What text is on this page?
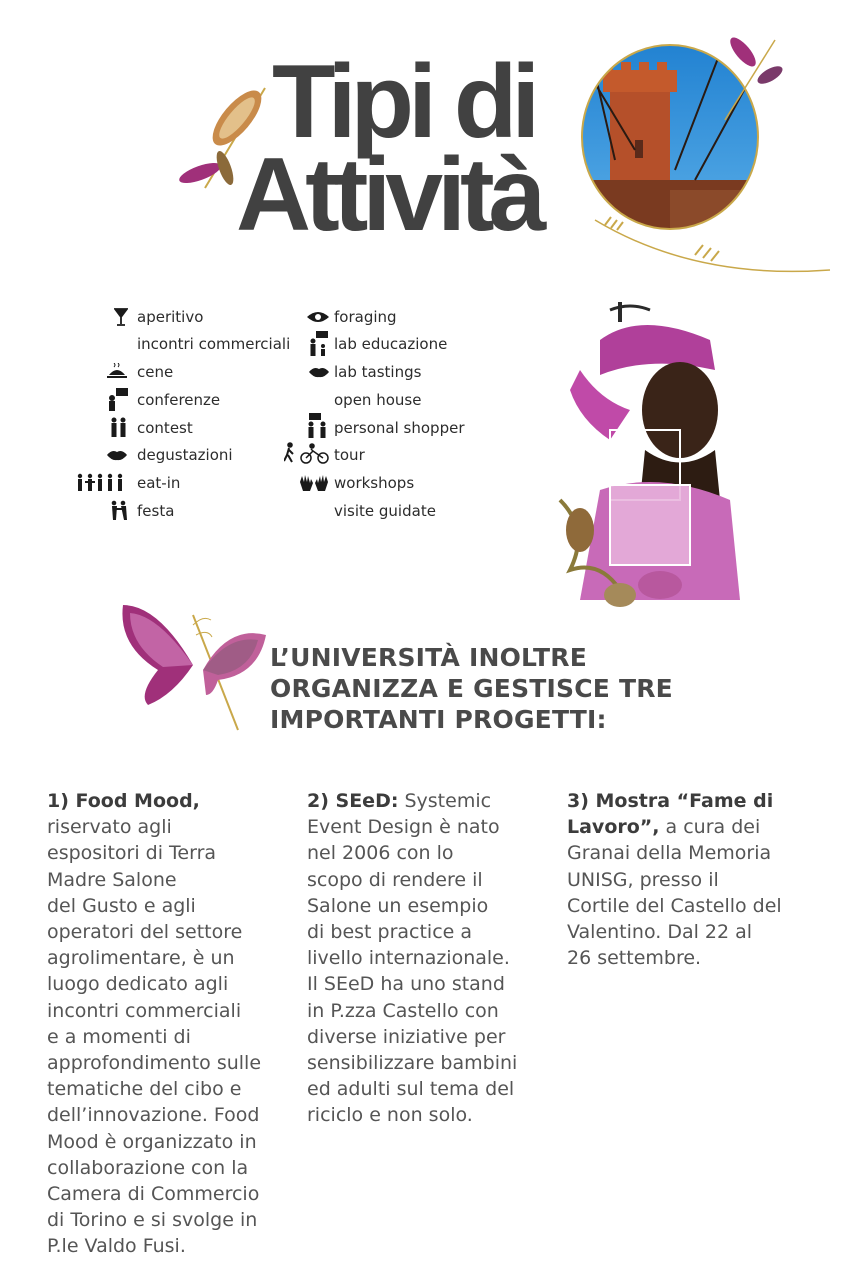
Tipi di
Attività
aperitivo
incontri commerciali
cene
conferenze
contest
degustazioni
eat-in
festa
foraging
lab educazione
lab tastings
open house
personal shopper
tour
workshops
visite guidate
L’UNIVERSITÀ INOLTRE
ORGANIZZA E GESTISCE TRE
IMPORTANTI PROGETTI:
1) Food Mood,
riservato agli
espositori di Terra
Madre Salone
del Gusto e agli
operatori del settore
agrolimentare, è un
luogo dedicato agli
incontri commerciali
e a momenti di
approfondimento sulle
tematiche del cibo e
dell’innovazione. Food
Mood è organizzato in
collaborazione con la
Camera di Commercio
di Torino e si svolge in
P.le Valdo Fusi.
2) SEeD: Systemic
Event Design è nato
nel 2006 con lo
scopo di rendere il
Salone un esempio
di best practice a
livello internazionale.
Il SEeD ha uno stand
in P.zza Castello con
diverse iniziative per
sensibilizzare bambini
ed adulti sul tema del
riciclo e non solo.
3) Mostra “Fame di
Lavoro”, a cura dei
Granai della Memoria
UNISG, presso il
Cortile del Castello del
Valentino. Dal 22 al
26 settembre.
